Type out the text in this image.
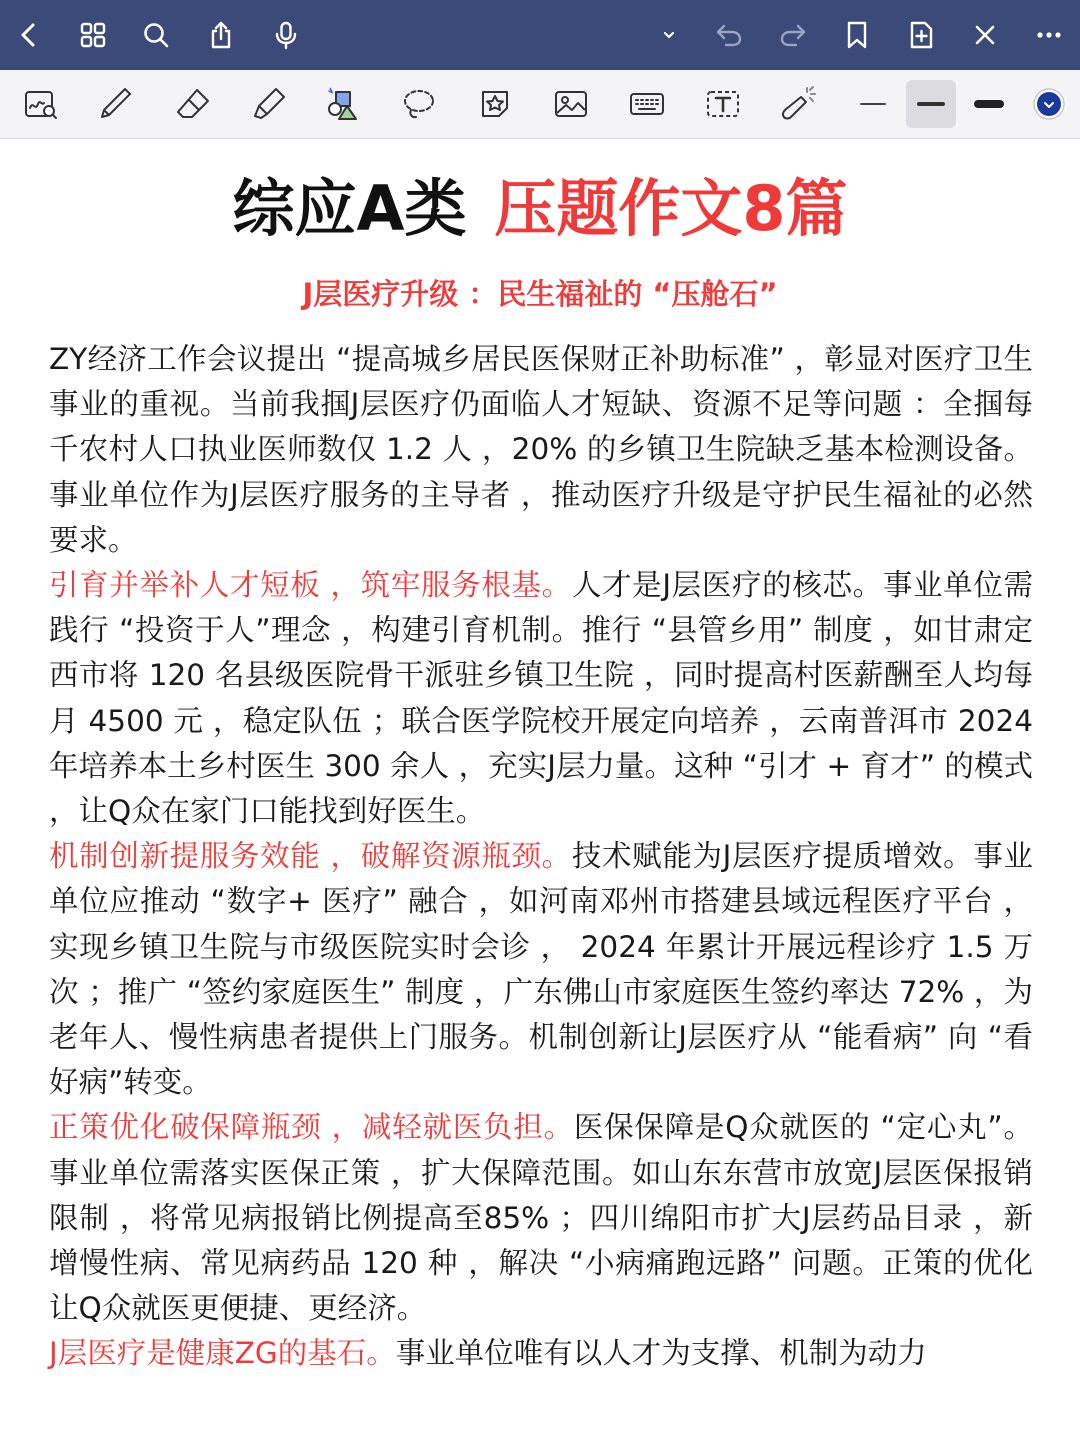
综应A类 压题作文8篇
J层医疗升级 ：民生福祉的 “压舱石”

ZY经济工作会议提出 “提高城乡居民医保财正补助标准” ，彰显对医疗卫生事业的重视。当前我掴J层医疗仍面临人才短缺、资源不足等问题 ：全掴每千农村人口执业医师数仅 1.2 人 ，20% 的乡镇卫生院缺乏基本检测设备。事业单位作为J层医疗服务的主导者 ，推动医疗升级是守护民生福祉的必然要求。

引育并举补人才短板 ，筑牢服务根基。人才是J层医疗的核芯。事业单位需践行 “投资于人”理念 ，构建引育机制。推行 “县管乡用” 制度 ，如甘肃定西市将 120 名县级医院骨干派驻乡镇卫生院 ，同时提高村医薪酬至人均每月 4500 元 ，稳定队伍 ；联合医学院校开展定向培养 ，云南普洱市 2024 年培养本土乡村医生 300 余人 ，充实J层力量。这种 “引才 + 育才” 的模式 ，让Q众在家门口能找到好医生。

机制创新提服务效能 ，破解资源瓶颈。技术赋能为J层医疗提质增效。事业单位应推动 “数字+ 医疗” 融合 ，如河南邓州市搭建县域远程医疗平台 ，实现乡镇卫生院与市级医院实时会诊 ， 2024 年累计开展远程诊疗 1.5 万次 ；推广 “签约家庭医生” 制度 ，广东佛山市家庭医生签约率达 72% ，为老年人、慢性病患者提供上门服务。机制创新让J层医疗从 “能看病” 向 “看好病”转变。

正策优化破保障瓶颈 ，减轻就医负担。医保保障是Q众就医的 “定心丸”。事业单位需落实医保正策 ，扩大保障范围。如山东东营市放宽J层医保报销限制 ，将常见病报销比例提高至85% ；四川绵阳市扩大J层药品目录 ，新增慢性病、常见病药品 120 种 ，解决 “小病痛跑远路” 问题。正策的优化让Q众就医更便捷、更经济。

J层医疗是健康ZG的基石。事业单位唯有以人才为支撑、机制为动力
